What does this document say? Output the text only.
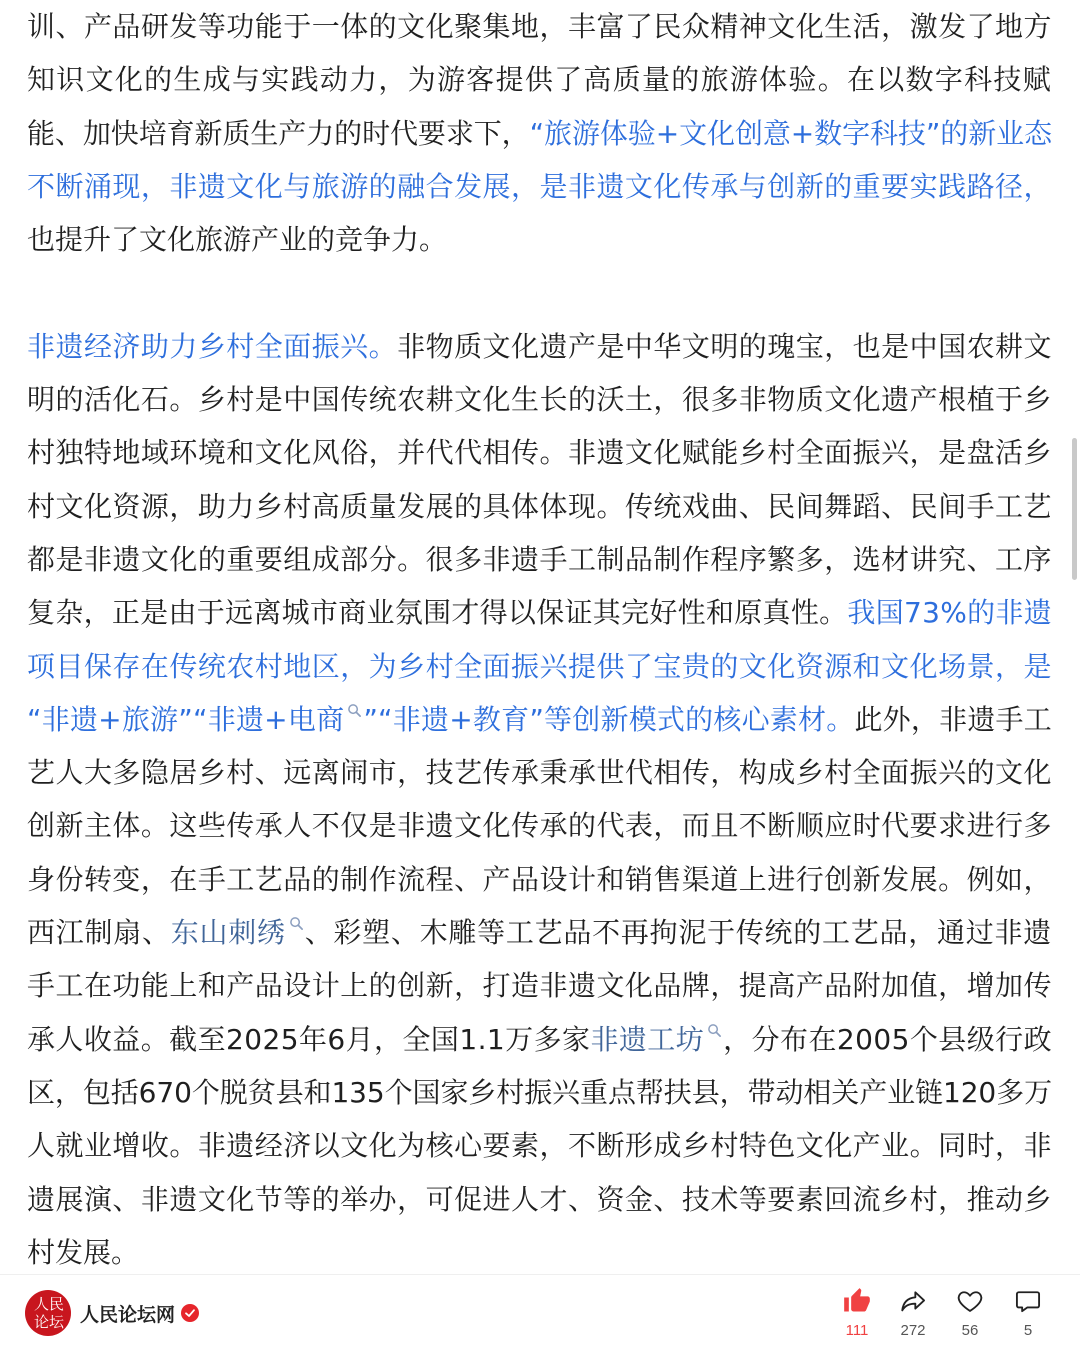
训、产品研发等功能于一体的文化聚集地，丰富了民众精神文化生活，激发了地方
知识文化的生成与实践动力，为游客提供了高质量的旅游体验。在以数字科技赋
能、加快培育新质生产力的时代要求下，“旅游体验+文化创意+数字科技”的新业态
不断涌现，非遗文化与旅游的融合发展，是非遗文化传承与创新的重要实践路径，
也提升了文化旅游产业的竞争力。
非遗经济助力乡村全面振兴。非物质文化遗产是中华文明的瑰宝，也是中国农耕文
明的活化石。乡村是中国传统农耕文化生长的沃土，很多非物质文化遗产根植于乡
村独特地域环境和文化风俗，并代代相传。非遗文化赋能乡村全面振兴，是盘活乡
村文化资源，助力乡村高质量发展的具体体现。传统戏曲、民间舞蹈、民间手工艺
都是非遗文化的重要组成部分。很多非遗手工制品制作程序繁多，选材讲究、工序
复杂，正是由于远离城市商业氛围才得以保证其完好性和原真性。我国73%的非遗
项目保存在传统农村地区，为乡村全面振兴提供了宝贵的文化资源和文化场景，是
“非遗+旅游”“非遗+电商 ”“非遗+教育”等创新模式的核心素材。此外，非遗手工
艺人大多隐居乡村、远离闹市，技艺传承秉承世代相传，构成乡村全面振兴的文化
创新主体。这些传承人不仅是非遗文化传承的代表，而且不断顺应时代要求进行多
身份转变，在手工艺品的制作流程、产品设计和销售渠道上进行创新发展。例如，
西江制扇、东山刺绣 、彩塑、木雕等工艺品不再拘泥于传统的工艺品，通过非遗
手工在功能上和产品设计上的创新，打造非遗文化品牌，提高产品附加值，增加传
承人收益。截至2025年6月，全国1.1万多家非遗工坊 ，分布在2005个县级行政
区，包括670个脱贫县和135个国家乡村振兴重点帮扶县，带动相关产业链120多万
人就业增收。非遗经济以文化为核心要素，不断形成乡村特色文化产业。同时，非
遗展演、非遗文化节等的举办，可促进人才、资金、技术等要素回流乡村，推动乡
村发展。
人民论坛 人民论坛网
111	272	56	5
